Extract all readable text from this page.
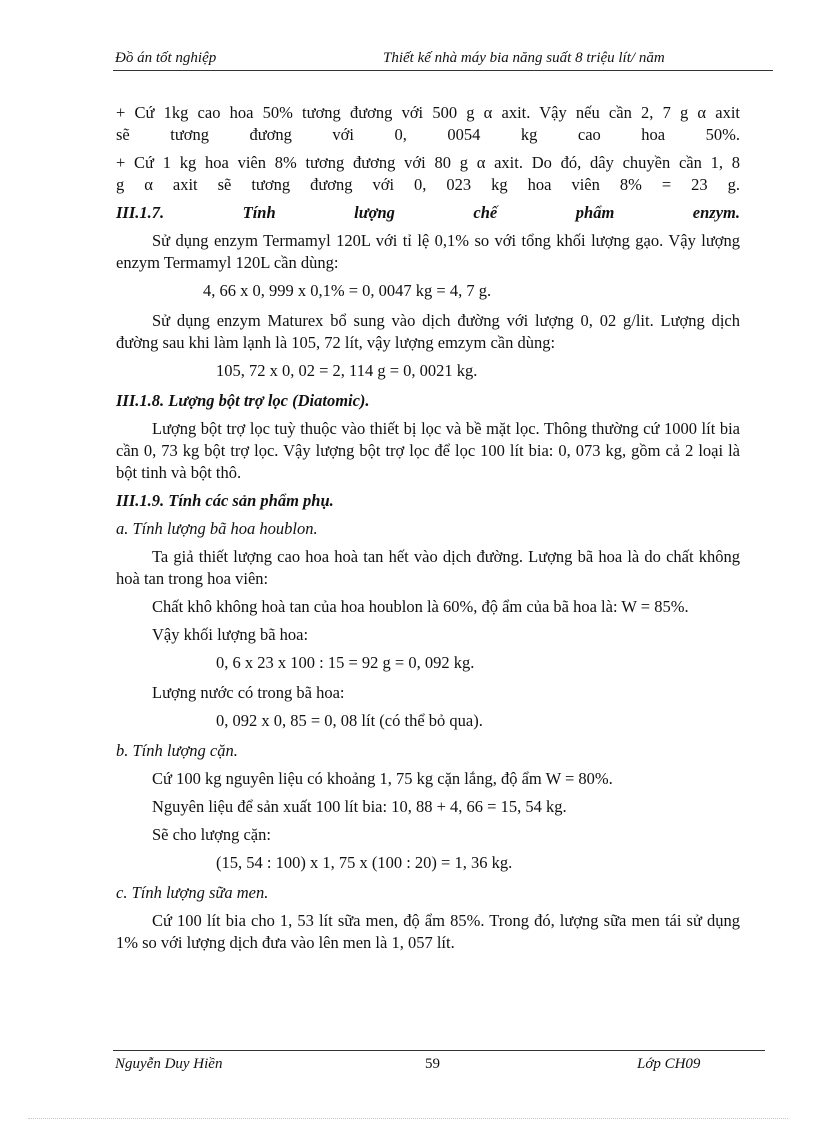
Đồ án tốt nghiệp	Thiết kế nhà máy bia năng suất 8 triệu lít/ năm
+ Cứ 1kg cao hoa 50% tương đương với 500 g α axit. Vậy nếu cần 2, 7 g α axit
sẽ tương đương với 0, 0054 kg cao hoa 50%.
+ Cứ 1 kg hoa viên 8% tương đương với 80 g α axit. Do đó, dây chuyền cần 1, 8
g α axit sẽ tương đương với 0, 023 kg hoa viên 8% = 23 g.
III.1.7. Tính lượng chế phẩm enzym.
Sử dụng enzym Termamyl 120L với tỉ lệ 0,1% so với tổng khối lượng gạo. Vậy lượng enzym Termamyl 120L cần dùng:
4, 66 x 0, 999 x 0,1% = 0, 0047 kg = 4, 7 g.
Sử dụng enzym Maturex bổ sung vào dịch đường với lượng 0, 02 g/lit. Lượng dịch đường sau khi làm lạnh là 105, 72 lít, vậy lượng emzym cần dùng:
105, 72 x 0, 02 = 2, 114 g = 0, 0021 kg.
III.1.8. Lượng bột trợ lọc (Diatomic).
Lượng bột trợ lọc tuỳ thuộc vào thiết bị lọc và bề mặt lọc. Thông thường cứ 1000 lít bia cần 0, 73 kg bột trợ lọc. Vậy lượng bột trợ lọc để lọc 100 lít bia: 0, 073 kg, gồm cả 2 loại là bột tinh và bột thô.
III.1.9. Tính các sản phẩm phụ.
a. Tính lượng bã hoa houblon.
Ta giả thiết lượng cao hoa hoà tan hết vào dịch đường. Lượng bã hoa là do chất không hoà tan trong hoa viên:
Chất khô không hoà tan của hoa houblon là 60%, độ ẩm của bã hoa là: W = 85%.
Vậy khối lượng bã hoa:
0, 6 x 23 x 100 : 15 = 92 g = 0, 092 kg.
Lượng nước có trong bã hoa:
0, 092 x 0, 85 = 0, 08 lít (có thể bỏ qua).
b. Tính lượng cặn.
Cứ 100 kg nguyên liệu có khoảng 1, 75 kg cặn lắng, độ ẩm W = 80%.
Nguyên liệu để sản xuất 100 lít bia: 10, 88 + 4, 66 = 15, 54 kg.
Sẽ cho lượng cặn:
(15, 54 : 100) x 1, 75 x (100 : 20) = 1, 36 kg.
c. Tính lượng sữa men.
Cứ 100 lít bia cho 1, 53 lít sữa men, độ ẩm 85%. Trong đó, lượng sữa men tái sử dụng 1% so với lượng dịch đưa vào lên men là 1, 057 lít.
Nguyễn Duy Hiền	59	Lớp CH09
